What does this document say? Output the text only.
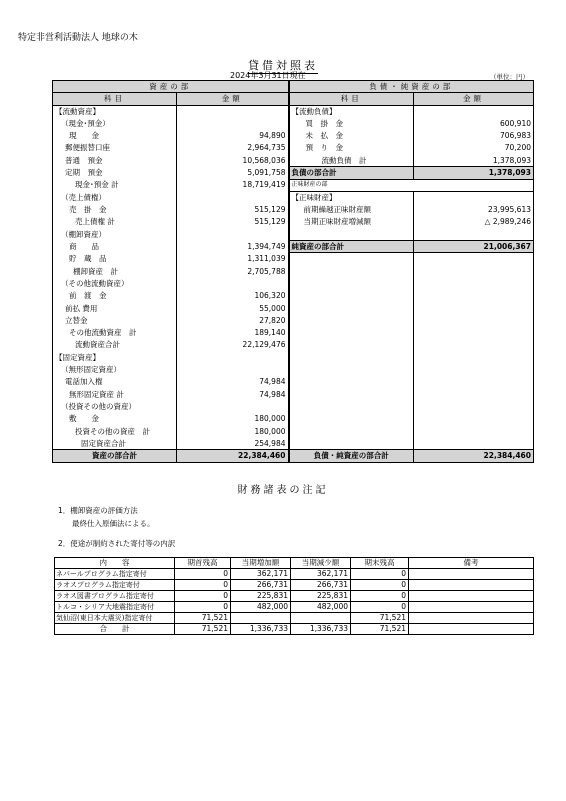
特定非営利活動法人 地球の木
貸借対照表
2024年3月31日現在	（単位：円）
資産の部		負債・純資産の部	
科目	金額	科目	金額
【流動資産】		【流動負債】	
（現金･預金）		買　掛　金	600,910
現　　金	94,890	未　払　金	706,983
郵便振替口座	2,964,735	預　り　金	70,200
普通　預金	10,568,036	流動負債　計	1,378,093
定期　預金	5,091,758	負債の部合計	1,378,093
現金･預金 計	18,719,419	正味財産の部	
（売上債権）		【正味財産】	
売　掛　金	515,129	前期繰越正味財産額	23,995,613
売上債権 計	515,129	当期正味財産増減額	△ 2,989,246
（棚卸資産）			
商　　品	1,394,749	純資産の部合計	21,006,367
貯　蔵　品	1,311,039		
棚卸資産　計	2,705,788		
（その他流動資産）			
前　渡　金	106,320		
前払 費用	55,000		
立替金	27,820		
その他流動資産　計	189,140		
流動資産合計	22,129,476		
【固定資産】			
（無形固定資産）			
電話加入権	74,984		
無形固定資産 計	74,984		
（投資その他の資産）			
敷　　金	180,000		
投資その他の資産　計	180,000		
固定資産合計	254,984		
資産の部合計	22,384,460	負債・純資産の部合計	22,384,460
財務諸表の注記
1．棚卸資産の評価方法
最終仕入原価法による。
2．使途が制約された寄付等の内訳
内　　容	期首残高	当期増加額	当期減少額	期末残高	備考
ネパールプログラム指定寄付	0	362,171	362,171	0	
ラオスプログラム指定寄付	0	266,731	266,731	0	
ラオス図書プログラム指定寄付	0	225,831	225,831	0	
トルコ・シリア大地震指定寄付	0	482,000	482,000	0	
気仙沼(東日本大震災)指定寄付	71,521			71,521	
合　　計	71,521	1,336,733	1,336,733	71,521	
